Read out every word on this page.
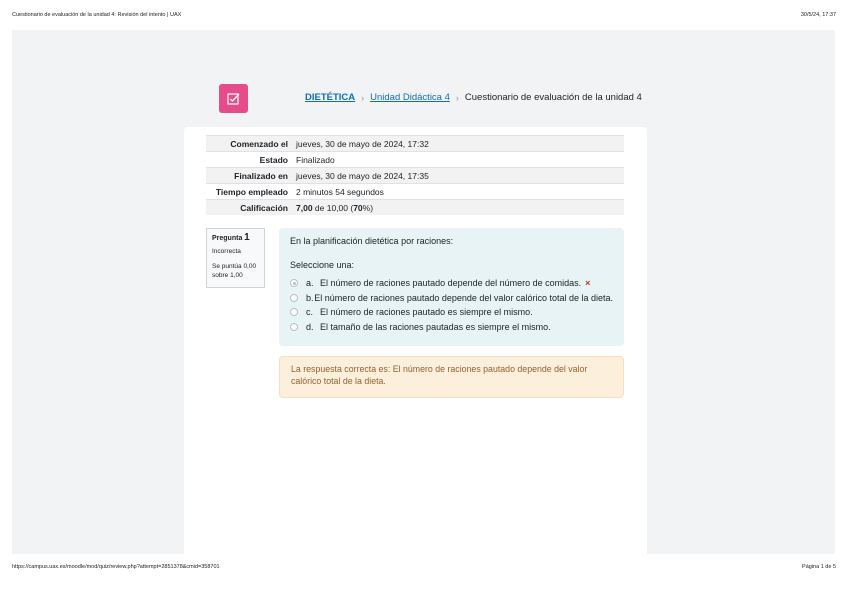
Cuestionario de evaluación de la unidad 4: Revisión del intento | UAX	30/5/24, 17:37
DIETÉTICA › Unidad Didáctica 4 › Cuestionario de evaluación de la unidad 4
Comenzado el	jueves, 30 de mayo de 2024, 17:32
Estado	Finalizado
Finalizado en	jueves, 30 de mayo de 2024, 17:35
Tiempo empleado	2 minutos 54 segundos
Calificación	7,00 de 10,00 (70%)
Pregunta 1
Incorrecta
Se puntúa 0,00 sobre 1,00
En la planificación dietética por raciones:
Seleccione una:
a. El número de raciones pautado depende del número de comidas. ×
b. El número de raciones pautado depende del valor calórico total de la dieta.
c. El número de raciones pautado es siempre el mismo.
d. El tamaño de las raciones pautadas es siempre el mismo.
La respuesta correcta es: El número de raciones pautado depende del valor calórico total de la dieta.
https://campus.uax.es/moodle/mod/quiz/review.php?attempt=2851378&cmid=358701	Página 1 de 5
